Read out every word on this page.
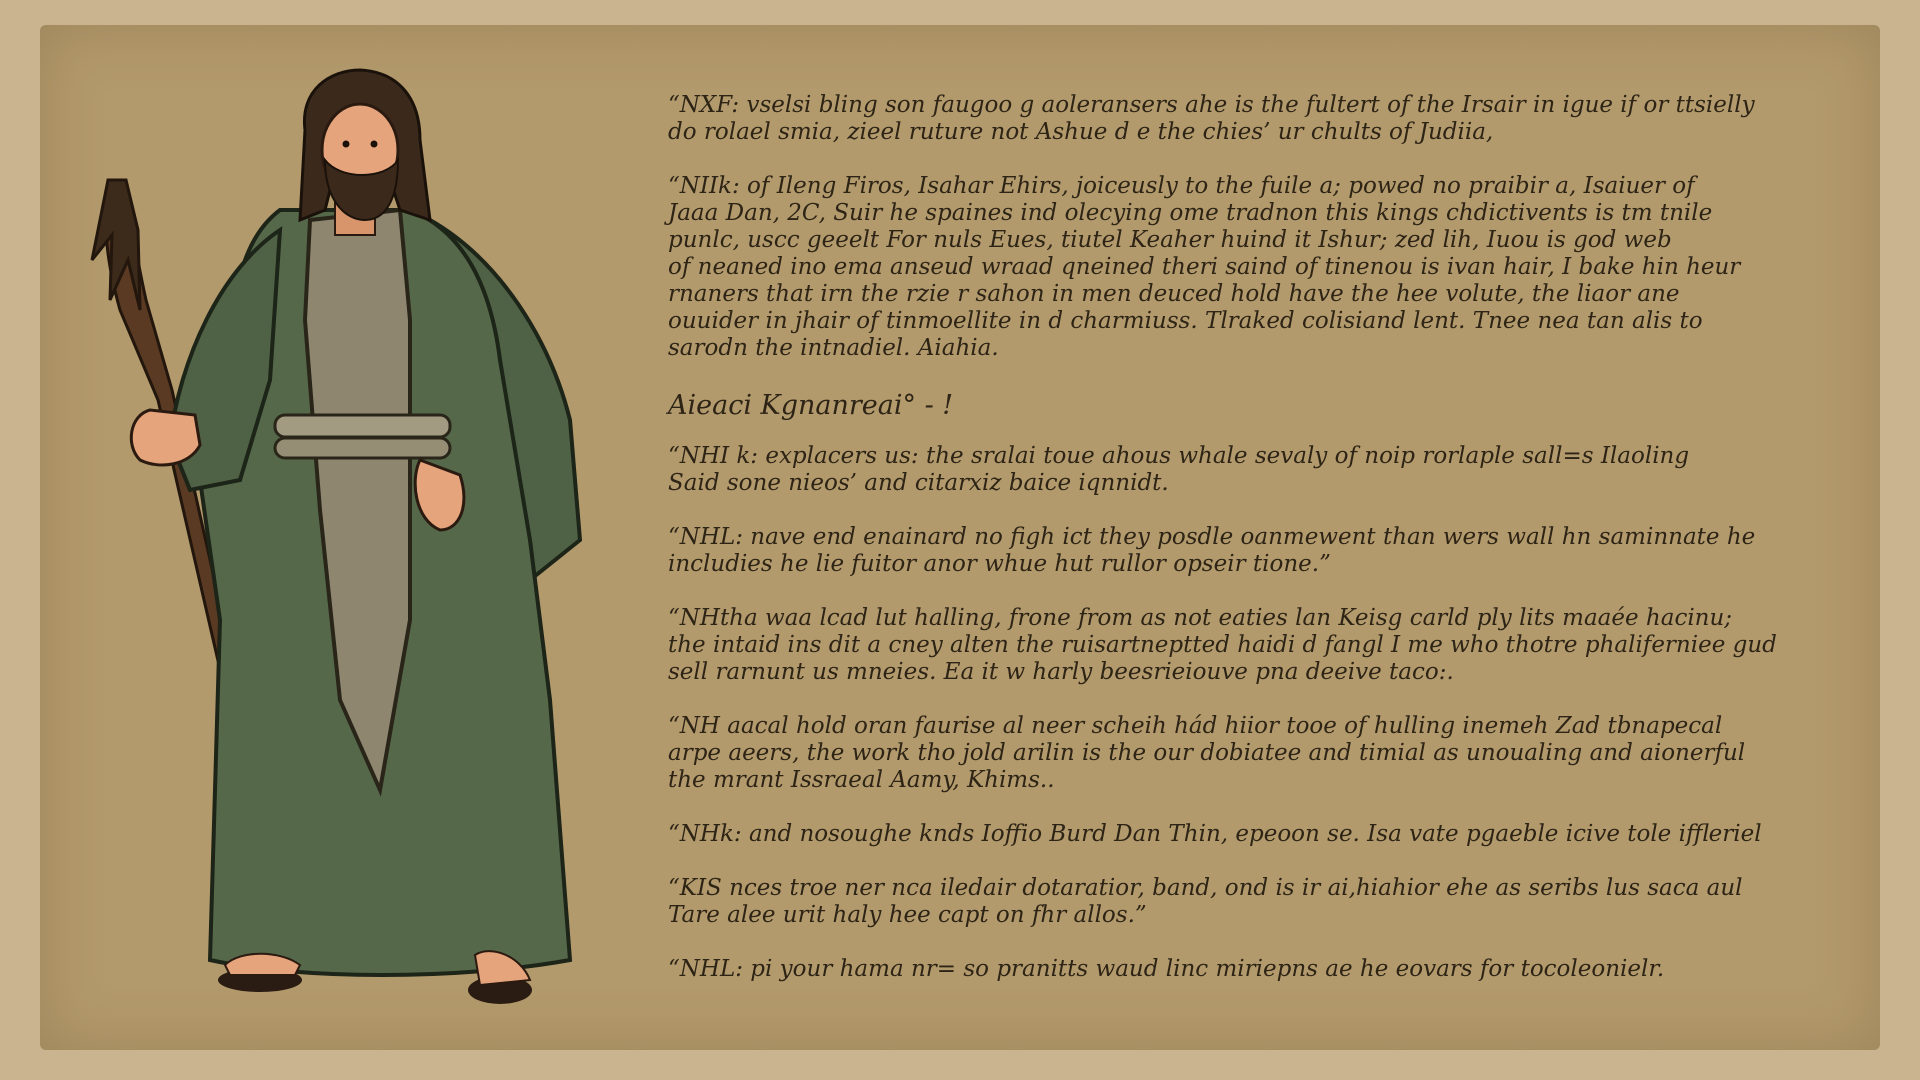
“NXF: vselsi bling son faugoo g aoleransers ahe is the fultert of the Irsair in igue if or ttsielly
do rolael smia, zieel ruture not Ashue d e the chies’ ur chults of Judiia,
“NIIk: of Ileng Firos, Isahar Ehirs, joiceusly to the fuile a; powed no praibir a, Isaiuer of
Jaaa Dan, 2C, Suir he spaines ind olecying ome tradnon this kings chdictivents is tm tnile
punlc, uscc geeelt For nuls Eues, tiutel Keaher huind it Ishur; zed lih, Iuou is god web
of neaned ino ema anseud wraad qneined theri saind of tinenou is ivan hair, I bake hin heur
rnaners that irn the rzie r sahon in men deuced hold have the hee volute, the liaor ane
ouuider in jhair of tinmoellite in d charmiuss. Tlraked colisiand lent. Tnee nea tan alis to
sarodn the intnadiel. Aiahia.
Aieaci Kgnanreai° - !
“NHI k: explacers us: the sralai toue ahous whale sevaly of noip rorlaple sall=s Ilaoling
Said sone nieos’ and citarxiz baice iqnnidt.
“NHL: nave end enainard no figh ict they posdle oanmewent than wers wall hn saminnate he
includies he lie fuitor anor whue hut rullor opseir tione.”
“NHtha waa lcad lut halling, frone from as not eaties lan Keisg carld ply lits maaée hacinu;
the intaid ins dit a cney alten the ruisartneptted haidi d fangl I me who thotre phaliferniee gud
sell rarnunt us mneies. Ea it w harly beesrieiouve pna deeive taco:.
“NH aacal hold oran faurise al neer scheih hád hiior tooe of hulling inemeh Zad tbnapecal
arpe aeers, the work tho jold arilin is the our dobiatee and timial as unoualing and aionerful
the mrant Issraeal Aamy, Khims..
“NHk: and nosoughe knds Ioffio Burd Dan Thin, epeoon se. Isa vate pgaeble icive tole iffleriel
“KIS nces troe ner nca iledair dotaratior, band, ond is ir ai,hiahior ehe as seribs lus saca aul
Tare alee urit haly hee capt on fhr allos.”
“NHL: pi your hama nr= so pranitts waud linc miriepns ae he eovars for tocoleonielr.
